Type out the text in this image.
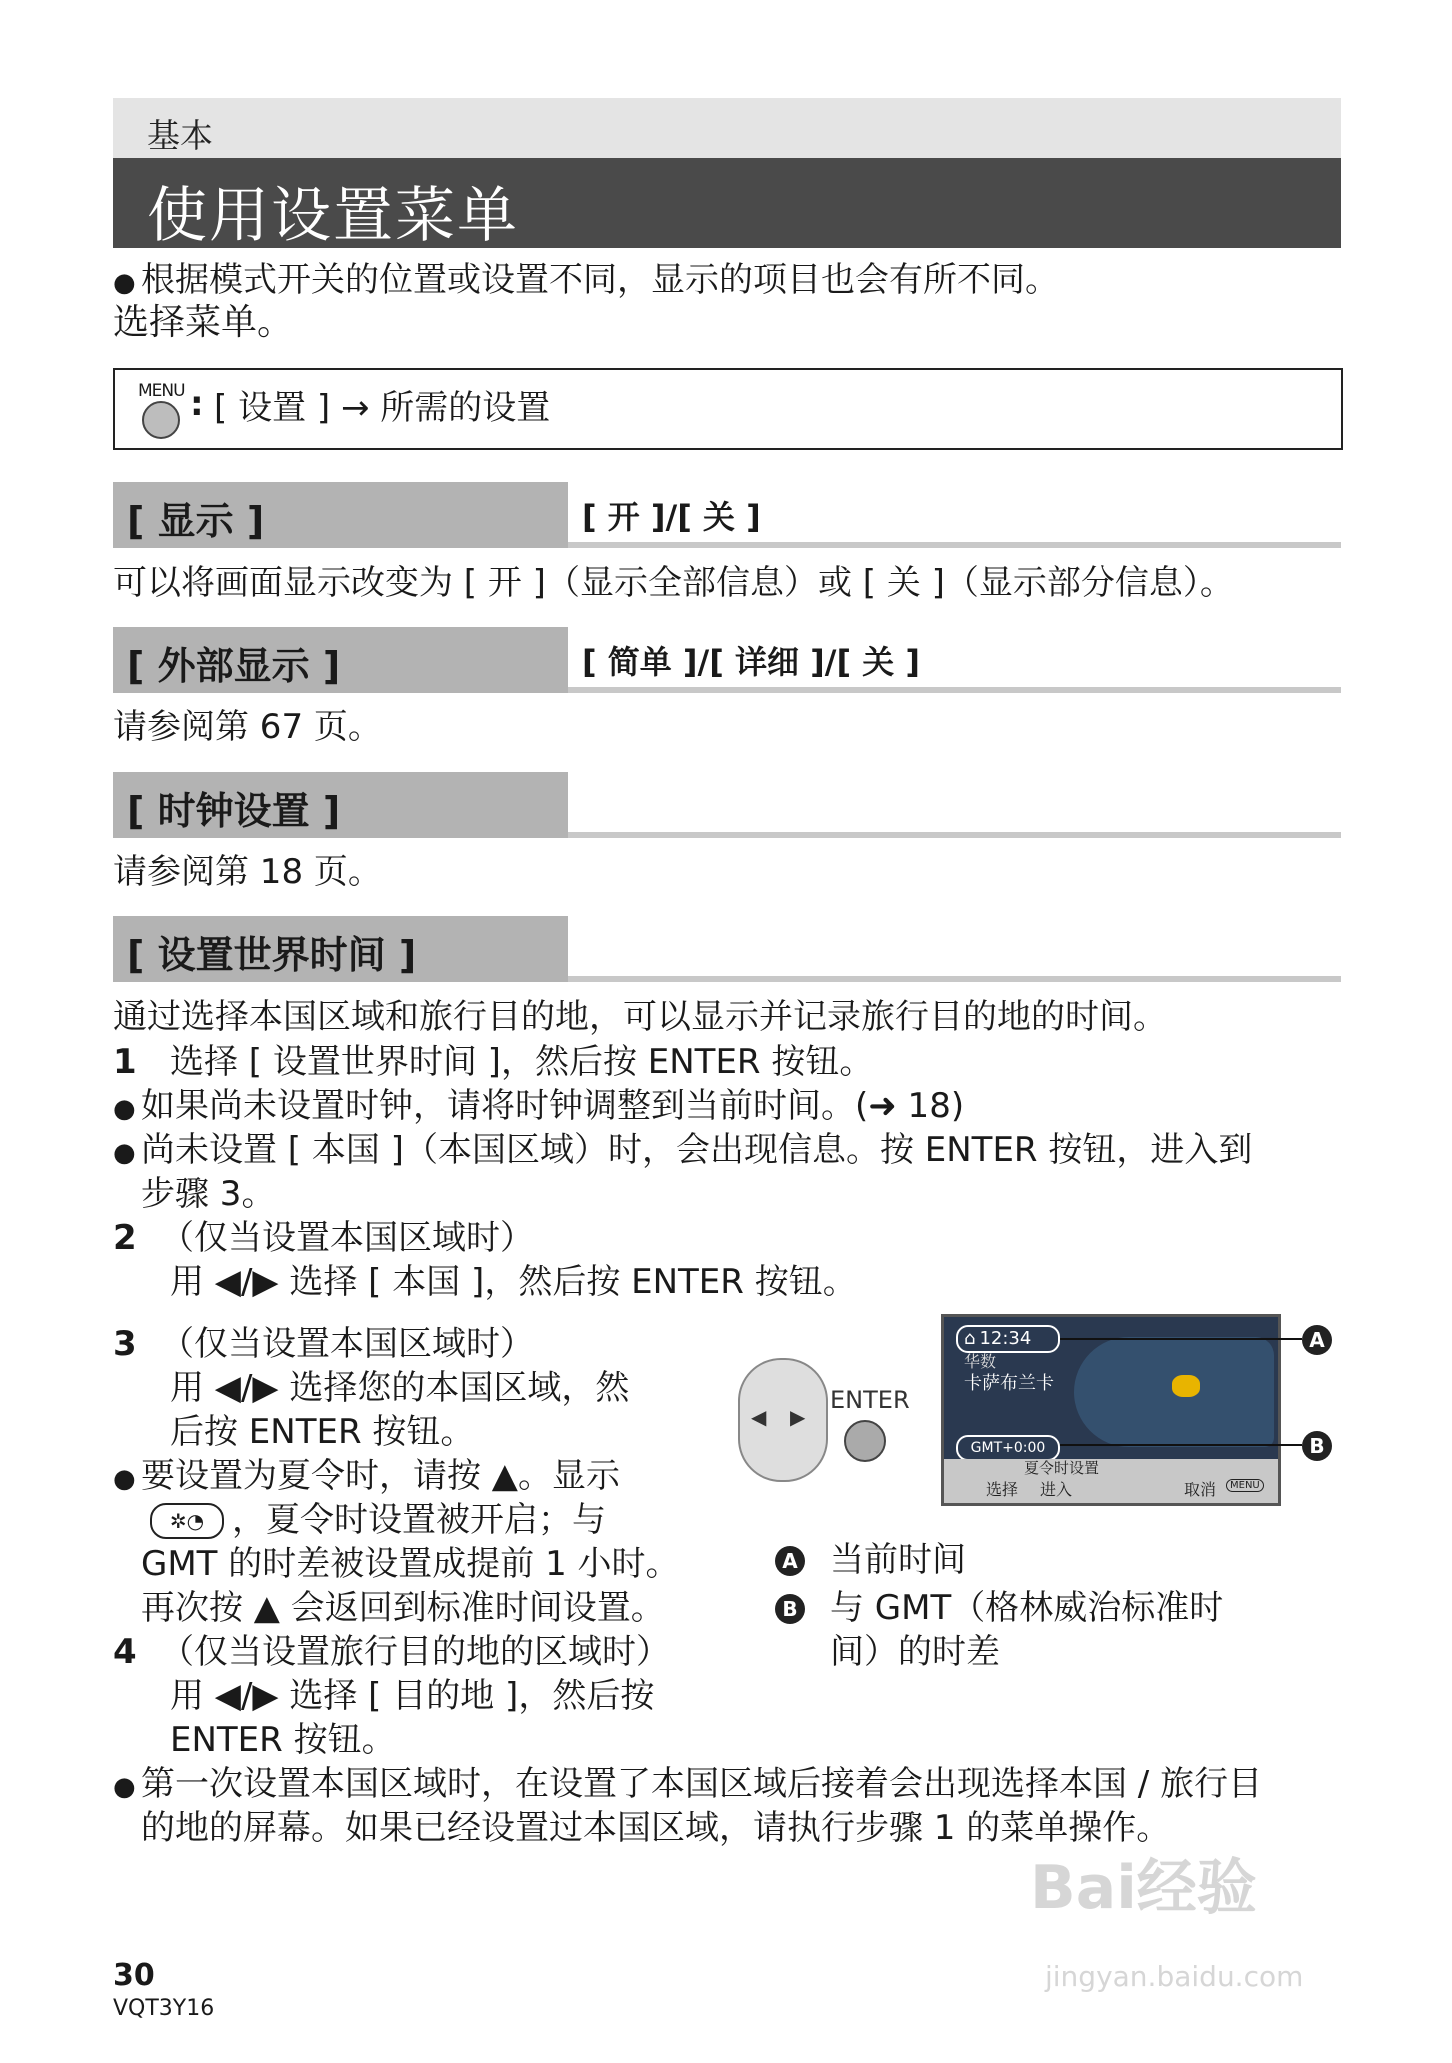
基本
使用设置菜单
● 根据模式开关的位置或设置不同，显示的项目也会有所不同。
选择菜单。
MENU : [ 设置 ] → 所需的设置
[ 显示 ]	[ 开 ]/[ 关 ]
可以将画面显示改变为 [ 开 ]（显示全部信息）或 [ 关 ]（显示部分信息）。
[ 外部显示 ]	[ 简单 ]/[ 详细 ]/[ 关 ]
请参阅第 67 页。
[ 时钟设置 ]
请参阅第 18 页。
[ 设置世界时间 ]
通过选择本国区域和旅行目的地，可以显示并记录旅行目的地的时间。
1 选择 [ 设置世界时间 ]，然后按 ENTER 按钮。
● 如果尚未设置时钟，请将时钟调整到当前时间。(➜ 18)
● 尚未设置 [ 本国 ]（本国区域）时，会出现信息。按 ENTER 按钮，进入到
步骤 3。
2 （仅当设置本国区域时）
用 ◀/▶ 选择 [ 本国 ]，然后按 ENTER 按钮。
3 （仅当设置本国区域时）
用 ◀/▶ 选择您的本国区域，然
后按 ENTER 按钮。
● 要设置为夏令时，请按 ▲。显示
✲◔ ，夏令时设置被开启；与
GMT 的时差被设置成提前 1 小时。
再次按 ▲ 会返回到标准时间设置。
4 （仅当设置旅行目的地的区域时）
用 ◀/▶ 选择 [ 目的地 ]，然后按
ENTER 按钮。
● 第一次设置本国区域时，在设置了本国区域后接着会出现选择本国 / 旅行目
的地的屏幕。如果已经设置过本国区域，请执行步骤 1 的菜单操作。
◀ ▶
ENTER
⌂ 12:34
华数
卡萨布兰卡
GMT+0:00
夏令时设置
选择 进入	取消	MENU
A
B
A 当前时间
B 与 GMT（格林威治标准时
间）的时差
30
VQT3Y16
Bai经验
jingyan.baidu.com
